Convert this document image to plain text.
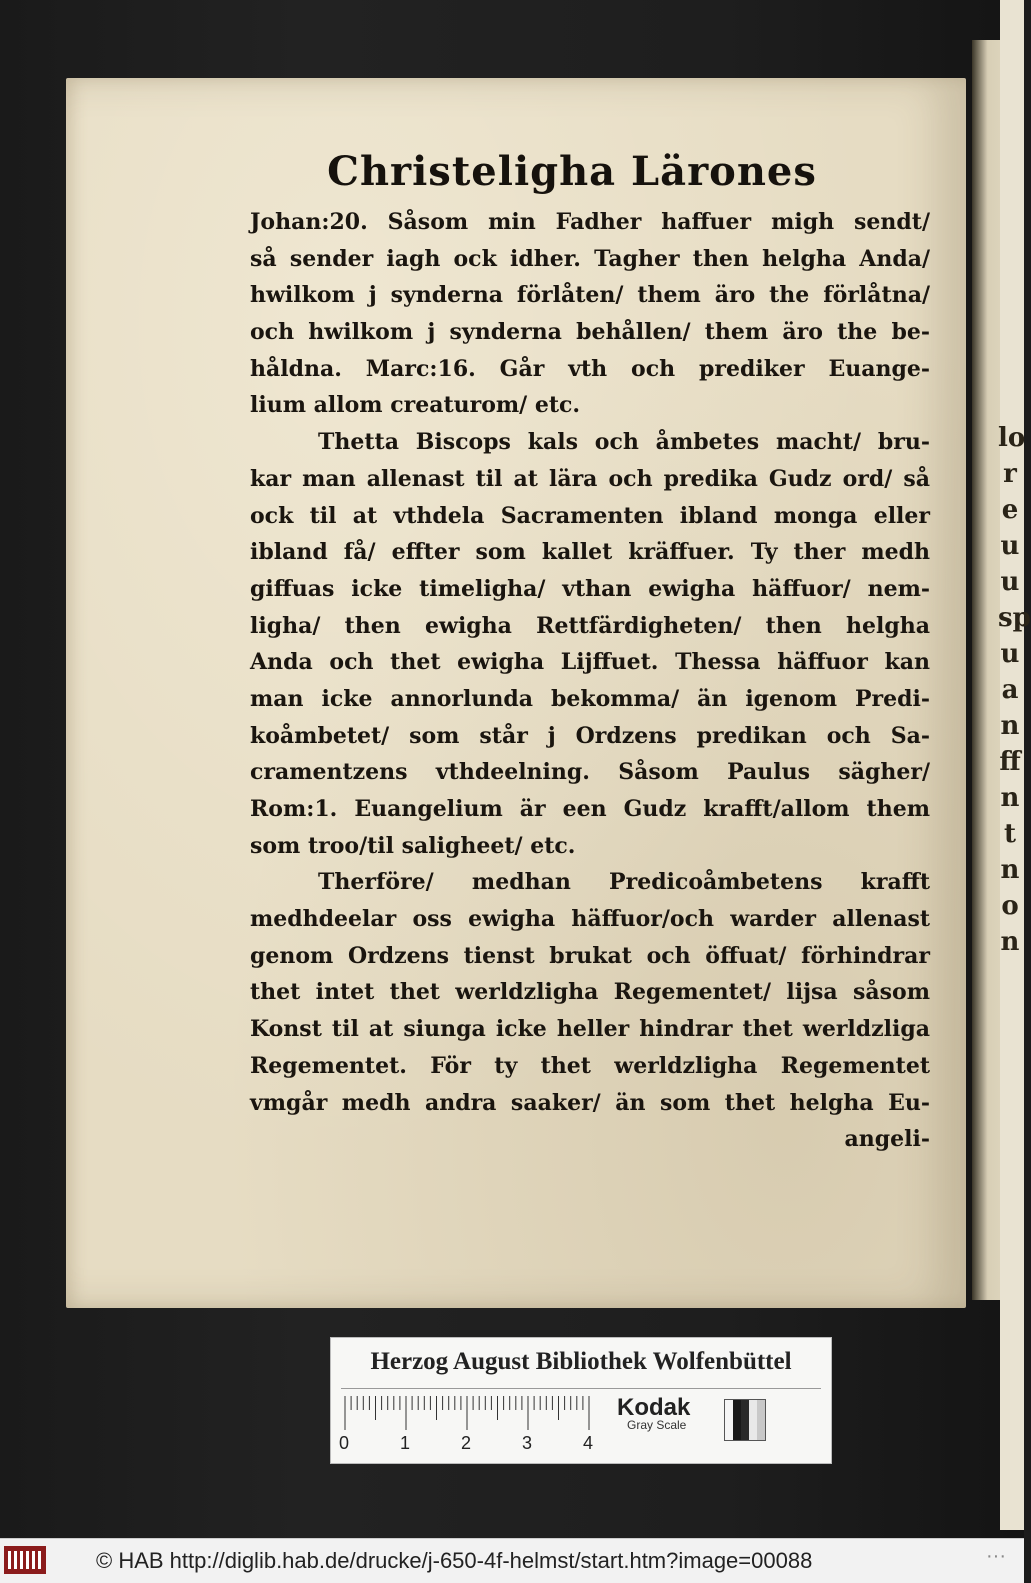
lo
r
e
u
u
sp
u
a
n
ff
n
t
n
o
n
Christeligha Lärones
Johan:20. Såsom min Fadher haffuer migh sendt/
så sender iagh ock idher. Tagher then helgha Anda/
hwilkom j synderna förlåten/ them äro the förlåtna/
och hwilkom j synderna behållen/ them äro the be-
håldna. Marc:16. Går vth och prediker Euange-
lium allom creaturom/ etc.
Thetta Biscops kals och åmbetes macht/ bru-
kar man allenast til at lära och predika Gudz ord/ så
ock til at vthdela Sacramenten ibland monga eller
ibland få/ effter som kallet kräffuer. Ty ther medh
giffuas icke timeligha/ vthan ewigha häffuor/ nem-
ligha/ then ewigha Rettfärdigheten/ then helgha
Anda och thet ewigha Lijffuet. Thessa häffuor kan
man icke annorlunda bekomma/ än igenom Predi-
koåmbetet/ som står j Ordzens predikan och Sa-
cramentzens vthdeelning. Såsom Paulus sägher/
Rom:1. Euangelium är een Gudz krafft/allom them
som troo/til saligheet/ etc.
Therföre/ medhan Predicoåmbetens krafft
medhdeelar oss ewigha häffuor/och warder allenast
genom Ordzens tienst brukat och öffuat/ förhindrar
thet intet thet werldzligha Regementet/ lijsa såsom
Konst til at siunga icke heller hindrar thet werldzliga
Regementet. För ty thet werldzligha Regementet
vmgår medh andra saaker/ än som thet helgha Eu-
angeli-
Herzog August Bibliothek Wolfenbüttel
0	1	2	3	4
Kodak
Gray Scale
© HAB http://diglib.hab.de/drucke/j-650-4f-helmst/start.htm?image=00088	···
